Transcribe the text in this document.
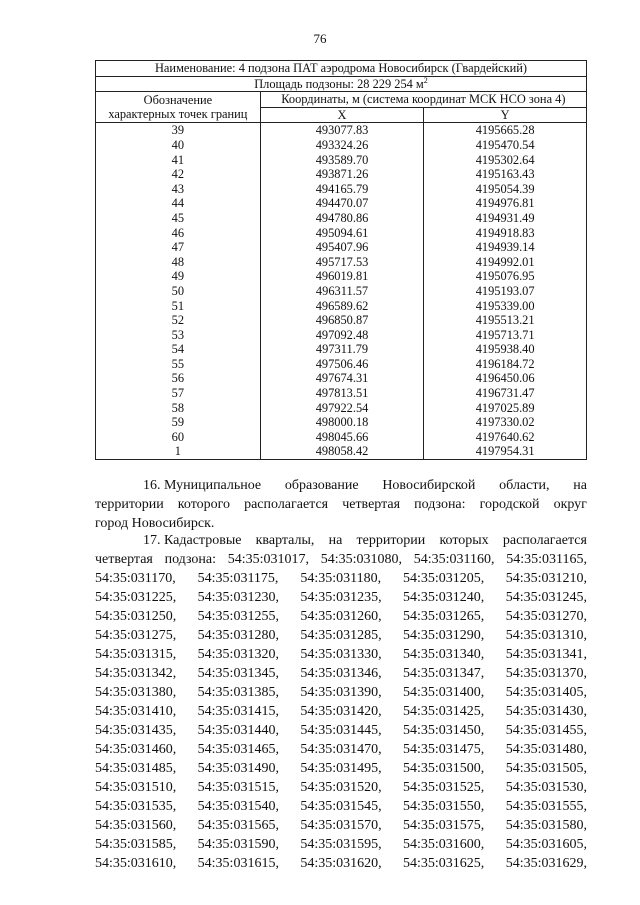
76
Наименование: 4 подзона ПАТ аэродрома Новосибирск (Гвардейский)		
Площадь подзоны: 28 229 254 $м^2$

Обозначение
характерных точек границ	Координаты, м (система координат МСК НСО зона 4)	
	X	Y
39	493077.83	4195665.28
40	493324.26	4195470.54
41	493589.70	4195302.64
42	493871.26	4195163.43
43	494165.79	4195054.39
44	494470.07	4194976.81
45	494780.86	4194931.49
46	495094.61	4194918.83
47	495407.96	4194939.14
48	495717.53	4194992.01
49	496019.81	4195076.95
50	496311.57	4195193.07
51	496589.62	4195339.00
52	496850.87	4195513.21
53	497092.48	4195713.71
54	497311.79	4195938.40
55	497506.46	4196184.72
56	497674.31	4196450.06
57	497813.51	4196731.47
58	497922.54	4197025.89
59	498000.18	4197330.02
60	498045.66	4197640.62
1	498058.42	4197954.31
16. Муниципальное образование Новосибирской области, на
территории которого располагается четвертая подзона: городской округ
город Новосибирск.
17. Кадастровые кварталы, на территории которых располагается
четвертая подзона: 54:35:031017, 54:35:031080, 54:35:031160, 54:35:031165,
54:35:031170, 54:35:031175, 54:35:031180, 54:35:031205, 54:35:031210,
54:35:031225, 54:35:031230, 54:35:031235, 54:35:031240, 54:35:031245,
54:35:031250, 54:35:031255, 54:35:031260, 54:35:031265, 54:35:031270,
54:35:031275, 54:35:031280, 54:35:031285, 54:35:031290, 54:35:031310,
54:35:031315, 54:35:031320, 54:35:031330, 54:35:031340, 54:35:031341,
54:35:031342, 54:35:031345, 54:35:031346, 54:35:031347, 54:35:031370,
54:35:031380, 54:35:031385, 54:35:031390, 54:35:031400, 54:35:031405,
54:35:031410, 54:35:031415, 54:35:031420, 54:35:031425, 54:35:031430,
54:35:031435, 54:35:031440, 54:35:031445, 54:35:031450, 54:35:031455,
54:35:031460, 54:35:031465, 54:35:031470, 54:35:031475, 54:35:031480,
54:35:031485, 54:35:031490, 54:35:031495, 54:35:031500, 54:35:031505,
54:35:031510, 54:35:031515, 54:35:031520, 54:35:031525, 54:35:031530,
54:35:031535, 54:35:031540, 54:35:031545, 54:35:031550, 54:35:031555,
54:35:031560, 54:35:031565, 54:35:031570, 54:35:031575, 54:35:031580,
54:35:031585, 54:35:031590, 54:35:031595, 54:35:031600, 54:35:031605,
54:35:031610, 54:35:031615, 54:35:031620, 54:35:031625, 54:35:031629,
